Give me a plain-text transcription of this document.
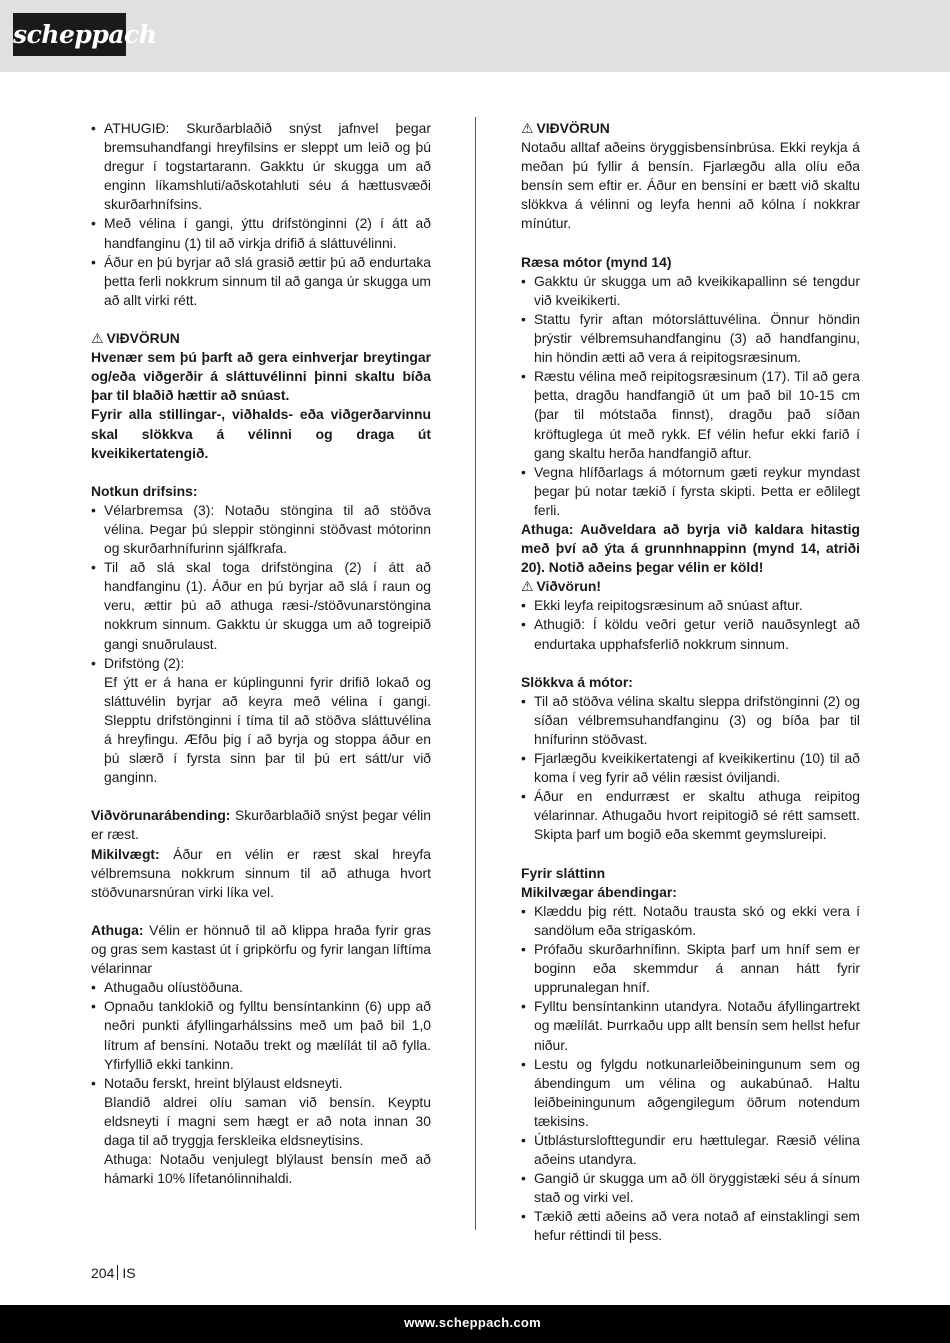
scheppach
• ATHUGIÐ: Skurðarblaðið snýst jafnvel þegar bremsuhandfangi hreyfilsins er sleppt um leið og þú dregur í togstartarann. Gakktu úr skugga um að enginn líkamshluti/aðskotahluti séu á hættusvæði skurðarhnífsins.
• Með vélina í gangi, ýttu drifstönginni (2) í átt að handfanginu (1) til að virkja drifið á sláttuvélinni.
• Áður en þú byrjar að slá grasið ættir þú að endurtaka þetta ferli nokkrum sinnum til að ganga úr skugga um að allt virki rétt.

⚠ VIÐVÖRUN

Hvenær sem þú þarft að gera einhverjar breytingar og/eða viðgerðir á sláttuvélinni þinni skaltu bíða þar til blaðið hættir að snúast.

Fyrir alla stillingar-, viðhalds- eða viðgerðarvinnu skal slökkva á vélinni og draga út kveikikertatengið.

Notkun drifsins:

• Vélarbremsa (3): Notaðu stöngina til að stöðva vélina. Þegar þú sleppir stönginni stöðvast mótorinn og skurðarhnífurinn sjálfkrafa.
• Til að slá skal toga drifstöngina (2) í átt að handfanginu (1). Áður en þú byrjar að slá í raun og veru, ættir þú að athuga ræsi-/stöðvunarstöngina nokkrum sinnum. Gakktu úr skugga um að togreipið gangi snuðrulaust.
• Drifstöng (2):

Ef ýtt er á hana er kúplingunni fyrir drifið lokað og sláttuvélin byrjar að keyra með vélina í gangi. Slepptu drifstönginni í tíma til að stöðva sláttuvélina á hreyfingu. Æfðu þig í að byrja og stoppa áður en þú slærð í fyrsta sinn þar til þú ert sátt/ur við ganginn.

Viðvörunarábending: Skurðarblaðið snýst þegar vélin er ræst.

Mikilvægt: Áður en vélin er ræst skal hreyfa vélbremsuna nokkrum sinnum til að athuga hvort stöðvunarsnúran virki líka vel.

Athuga: Vélin er hönnuð til að klippa hraða fyrir gras og gras sem kastast út í gripkörfu og fyrir langan líftíma vélarinnar

• Athugaðu olíustöðuna.
• Opnaðu tanklokið og fylltu bensíntankinn (6) upp að neðri punkti áfyllingarhálssins með um það bil 1,0 lítrum af bensíni. Notaðu trekt og mælílát til að fylla. Yfirfyllið ekki tankinn.
• Notaðu ferskt, hreint blýlaust eldsneyti.

Blandið aldrei olíu saman við bensín. Keyptu eldsneyti í magni sem hægt er að nota innan 30 daga til að tryggja ferskleika eldsneytisins.

Athuga: Notaðu venjulegt blýlaust bensín með að hámarki 10% lífetanólinnihaldi.

⚠ VIÐVÖRUN

Notaðu alltaf aðeins öryggisbensínbrúsa. Ekki reykja á meðan þú fyllir á bensín. Fjarlægðu alla olíu eða bensín sem eftir er. Áður en bensíni er bætt við skaltu slökkva á vélinni og leyfa henni að kólna í nokkrar mínútur.

Ræsa mótor (mynd 14)

• Gakktu úr skugga um að kveikikapallinn sé tengdur við kveikikerti.
• Stattu fyrir aftan mótorsláttuvélina. Önnur höndin þrýstir vélbremsuhandfanginu (3) að handfanginu, hin höndin ætti að vera á reipitogsræsinum.
• Ræstu vélina með reipitogsræsinum (17). Til að gera þetta, dragðu handfangið út um það bil 10-15 cm (þar til mótstaða finnst), dragðu það síðan kröftuglega út með rykk. Ef vélin hefur ekki farið í gang skaltu herða handfangið aftur.
• Vegna hlífðarlags á mótornum gæti reykur myndast þegar þú notar tækið í fyrsta skipti. Þetta er eðlilegt ferli.

Athuga: Auðveldara að byrja við kaldara hitastig með því að ýta á grunnhnappinn (mynd 14, atriði 20). Notið aðeins þegar vélin er köld!

⚠ Viðvörun!

• Ekki leyfa reipitogsræsinum að snúast aftur.
• Athugið: Í köldu veðri getur verið nauðsynlegt að endurtaka upphafsferlið nokkrum sinnum.

Slökkva á mótor:

• Til að stöðva vélina skaltu sleppa drifstönginni (2) og síðan vélbremsuhandfanginu (3) og bíða þar til hnífurinn stöðvast.
• Fjarlægðu kveikikertatengi af kveikikertinu (10) til að koma í veg fyrir að vélin ræsist óviljandi.
• Áður en endurræst er skaltu athuga reipitog vélarinnar. Athugaðu hvort reipitogið sé rétt samsett. Skipta þarf um bogið eða skemmt geymslureipi.

Fyrir sláttinn

Mikilvægar ábendingar:

• Klæddu þig rétt. Notaðu trausta skó og ekki vera í sandölum eða strigaskóm.
• Prófaðu skurðarhnífinn. Skipta þarf um hníf sem er boginn eða skemmdur á annan hátt fyrir upprunalegan hníf.
• Fylltu bensíntankinn utandyra. Notaðu áfyllingartrekt og mælílát. Þurrkaðu upp allt bensín sem hellst hefur niður.
• Lestu og fylgdu notkunarleiðbeiningunum sem og ábendingum um vélina og aukabúnað. Haltu leiðbeiningunum aðgengilegum öðrum notendum tækisins.
• Útblásturslofttegundir eru hættulegar. Ræsið vélina aðeins utandyra.
• Gangið úr skugga um að öll öryggistæki séu á sínum stað og virki vel.
• Tækið ætti aðeins að vera notað af einstaklingi sem hefur réttindi til þess.
204 IS
www.scheppach.com
